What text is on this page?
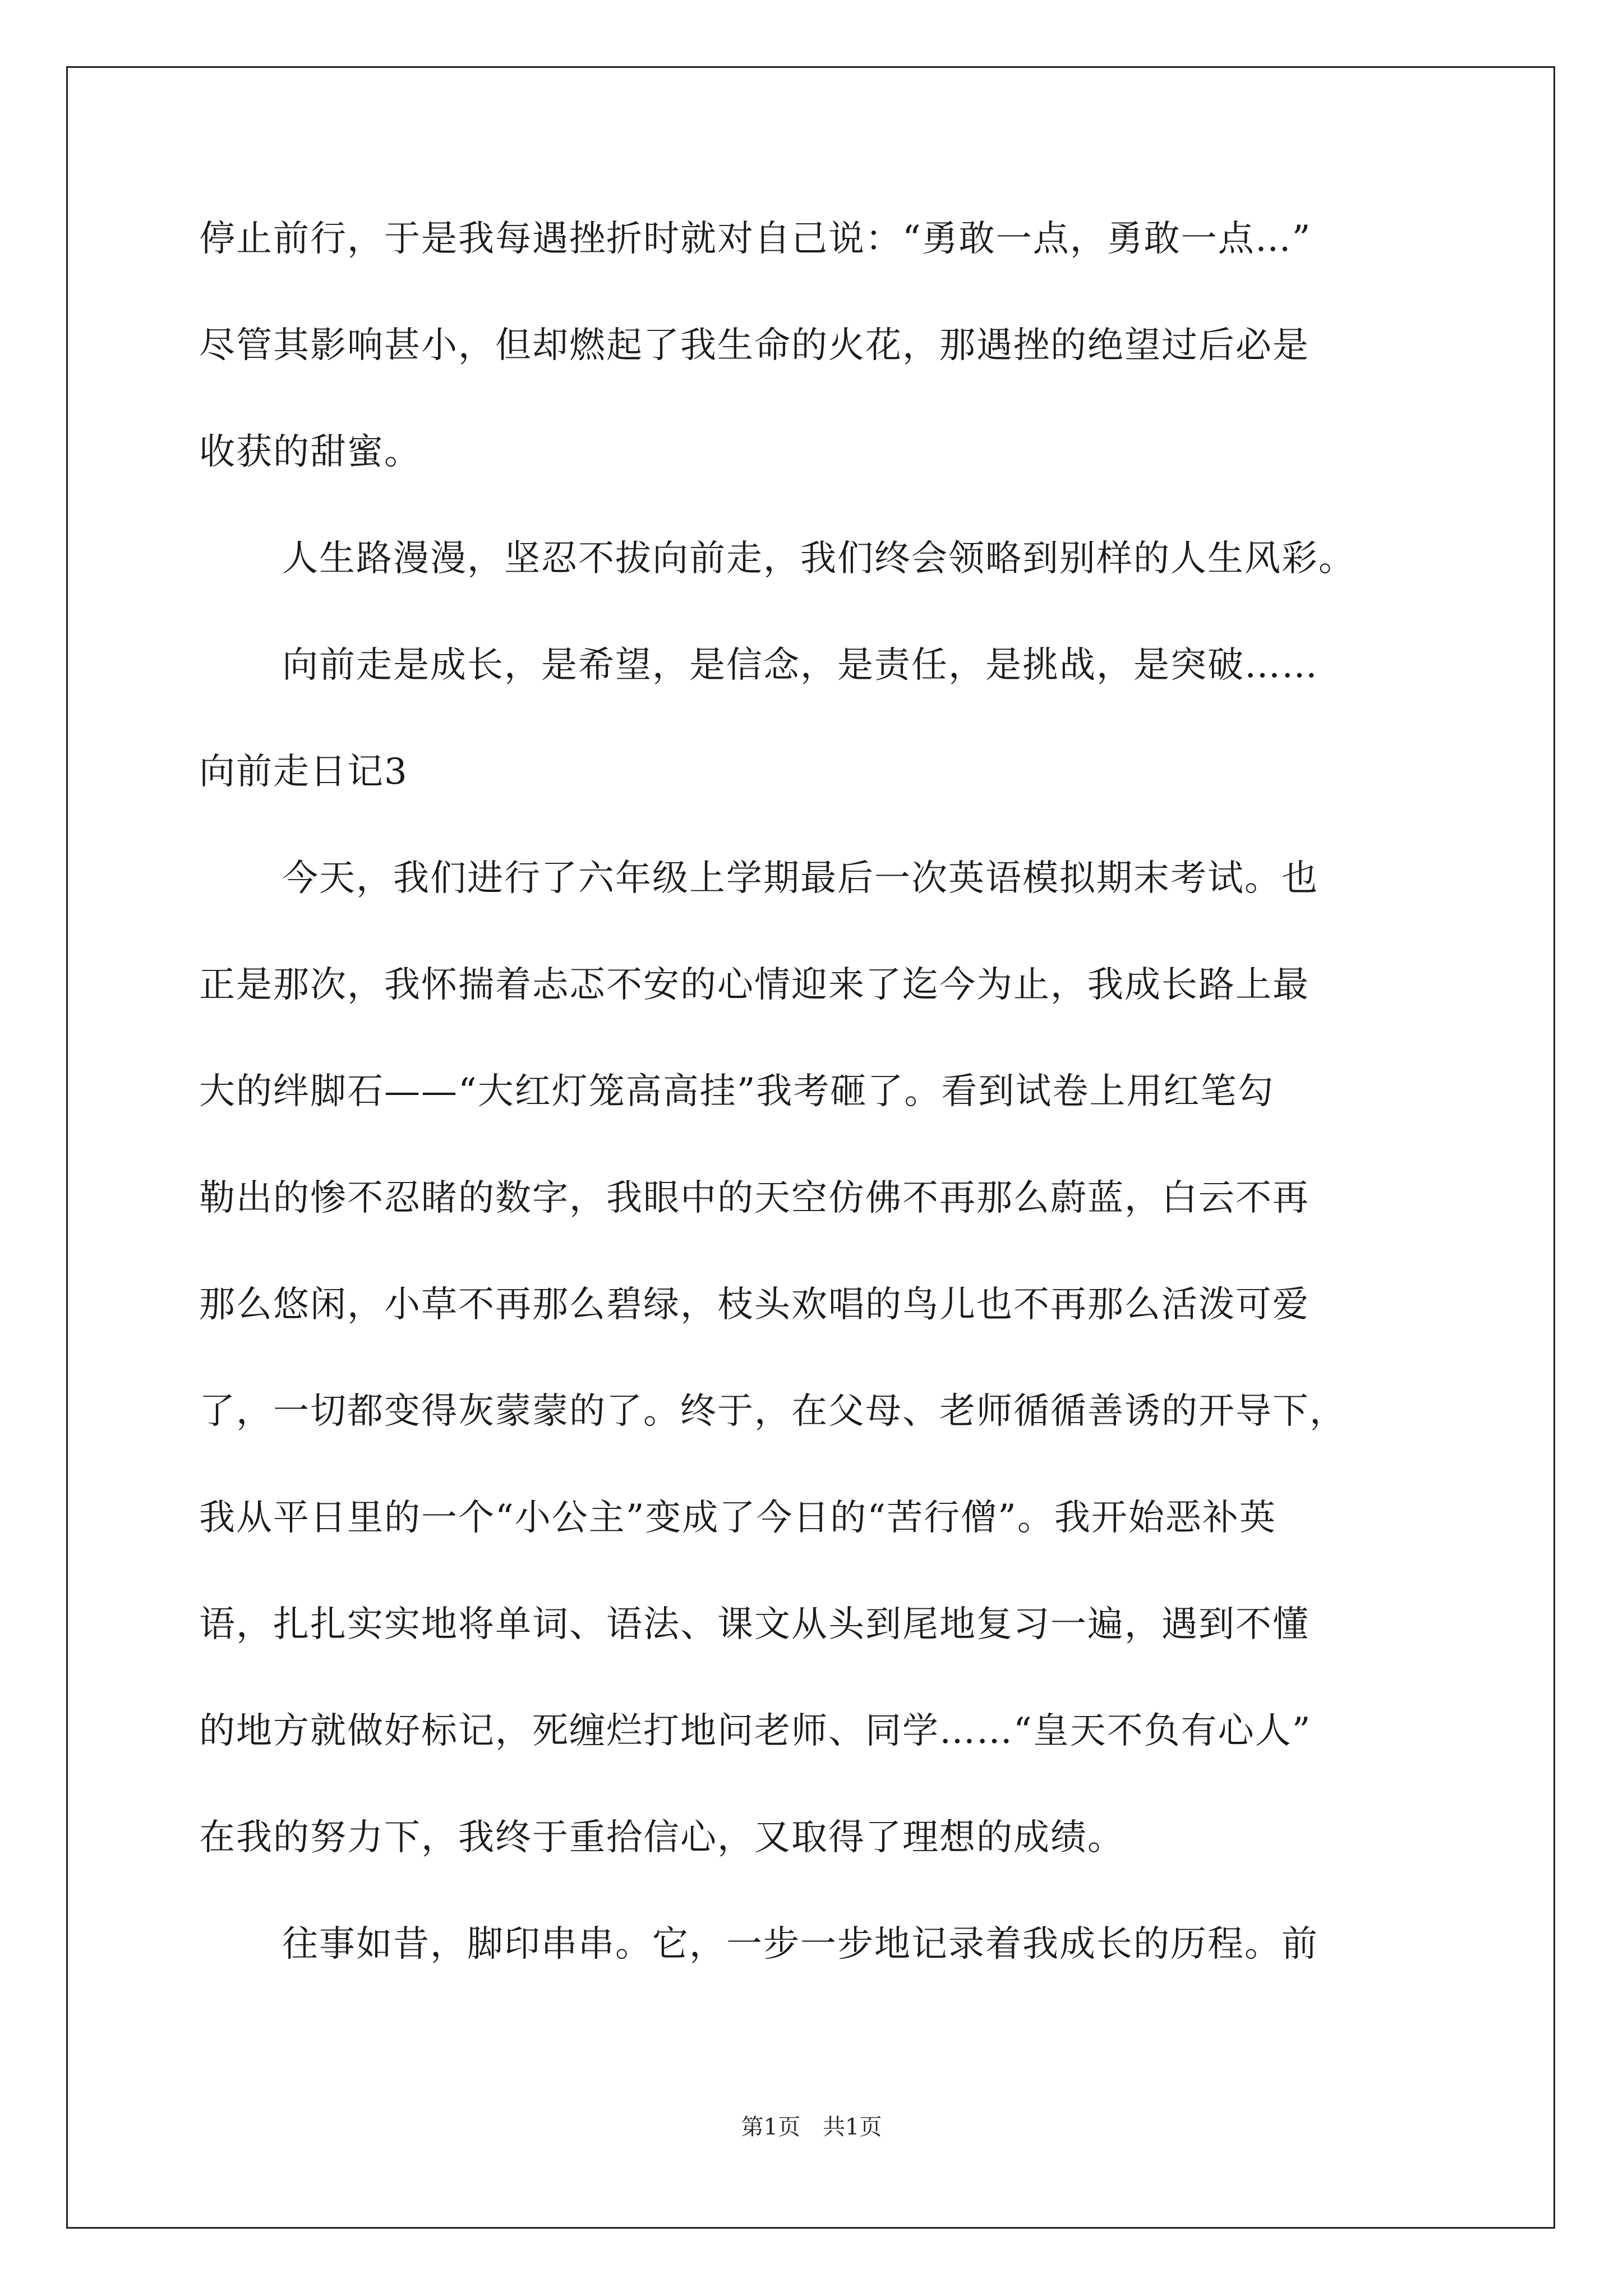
停止前行，于是我每遇挫折时就对自己说：“勇敢一点，勇敢一点…”
尽管其影响甚小，但却燃起了我生命的火花，那遇挫的绝望过后必是
收获的甜蜜。
人生路漫漫，坚忍不拔向前走，我们终会领略到别样的人生风彩。
向前走是成长，是希望，是信念，是责任，是挑战，是突破……
向前走日记3
今天，我们进行了六年级上学期最后一次英语模拟期末考试。也
正是那次，我怀揣着忐忑不安的心情迎来了迄今为止，我成长路上最
大的绊脚石——“大红灯笼高高挂”我考砸了。看到试卷上用红笔勾
勒出的惨不忍睹的数字，我眼中的天空仿佛不再那么蔚蓝，白云不再
那么悠闲，小草不再那么碧绿，枝头欢唱的鸟儿也不再那么活泼可爱
了，一切都变得灰蒙蒙的了。终于，在父母、老师循循善诱的开导下，
我从平日里的一个“小公主”变成了今日的“苦行僧”。我开始恶补英
语，扎扎实实地将单词、语法、课文从头到尾地复习一遍，遇到不懂
的地方就做好标记，死缠烂打地问老师、同学……“皇天不负有心人”
在我的努力下，我终于重拾信心，又取得了理想的成绩。
往事如昔，脚印串串。它，一步一步地记录着我成长的历程。前
第1页　共1页
